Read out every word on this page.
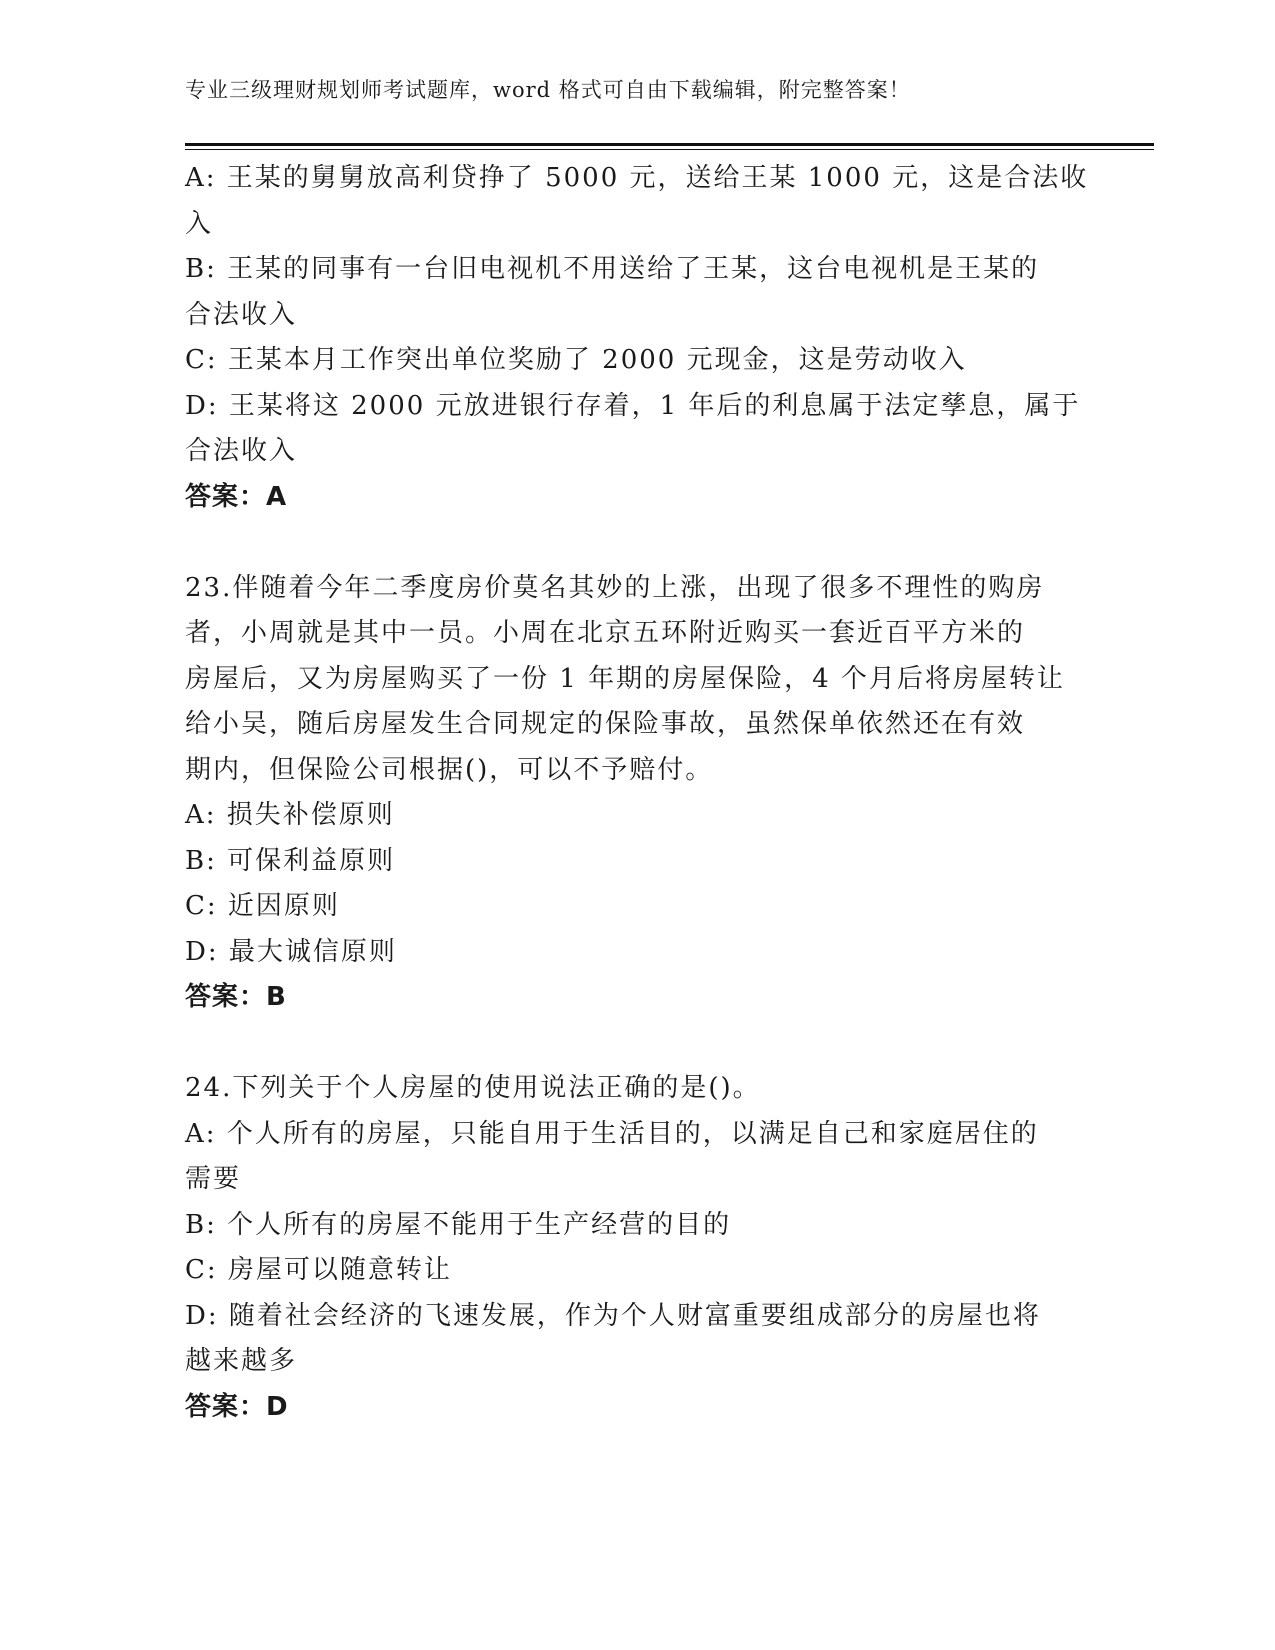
专业三级理财规划师考试题库，word 格式可自由下载编辑，附完整答案！
A: 王某的舅舅放高利贷挣了 5000 元，送给王某 1000 元，这是合法收
入
B: 王某的同事有一台旧电视机不用送给了王某，这台电视机是王某的
合法收入
C: 王某本月工作突出单位奖励了 2000 元现金，这是劳动收入
D: 王某将这 2000 元放进银行存着，1 年后的利息属于法定孳息，属于
合法收入
答案：A
23.伴随着今年二季度房价莫名其妙的上涨，出现了很多不理性的购房
者，小周就是其中一员。小周在北京五环附近购买一套近百平方米的
房屋后，又为房屋购买了一份 1 年期的房屋保险，4 个月后将房屋转让
给小吴，随后房屋发生合同规定的保险事故，虽然保单依然还在有效
期内，但保险公司根据()，可以不予赔付。
A: 损失补偿原则
B: 可保利益原则
C: 近因原则
D: 最大诚信原则
答案：B
24.下列关于个人房屋的使用说法正确的是()。
A: 个人所有的房屋，只能自用于生活目的，以满足自己和家庭居住的
需要
B: 个人所有的房屋不能用于生产经营的目的
C: 房屋可以随意转让
D: 随着社会经济的飞速发展，作为个人财富重要组成部分的房屋也将
越来越多
答案：D
